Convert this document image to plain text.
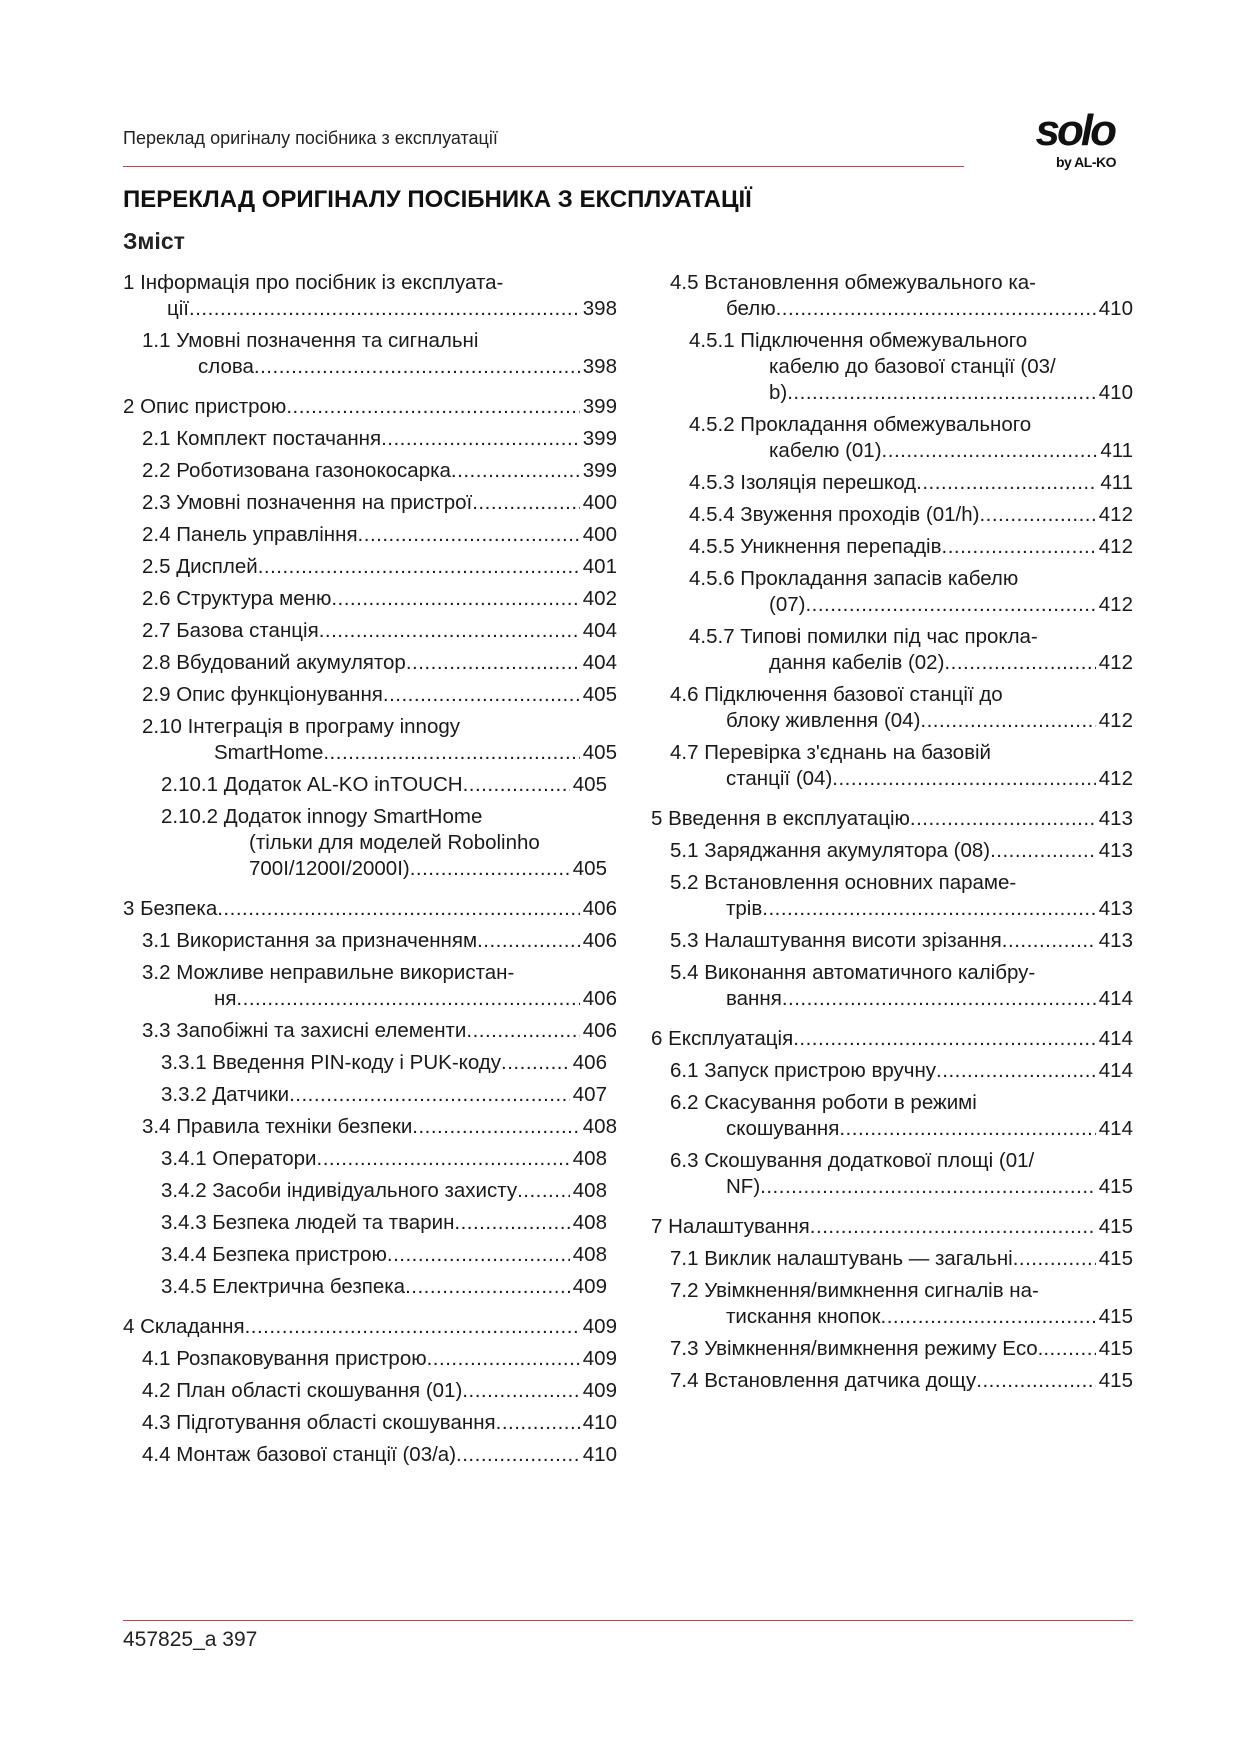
Переклад оригіналу посібника з експлуатації	solo
by AL-KO
ПЕРЕКЛАД ОРИГІНАЛУ ПОСІБНИКА З ЕКСПЛУАТАЦІЇ
Зміст
1 Інформація про посібник із експлуата-
ції .....	398
1.1 Умовні позначення та сигнальні
слова .....	398
2 Опис пристрою .....	399
2.1 Комплект постачання .....	399
2.2 Роботизована газонокосарка .....	399
2.3 Умовні позначення на пристрої .....	400
2.4 Панель управління .....	400
2.5 Дисплей .....	401
2.6 Структура меню .....	402
2.7 Базова станція .....	404
2.8 Вбудований акумулятор .....	404
2.9 Опис функціонування .....	405
2.10 Інтеграція в програму innogy
SmartHome .....	405
2.10.1 Додаток AL-KO inTOUCH .....	405
2.10.2 Додаток innogy SmartHome
(тільки для моделей Robolinho
700I/1200I/2000I) .....	405
3 Безпека .....	406
3.1 Використання за призначенням .....	406
3.2 Можливе неправильне використан-
ня .....	406
3.3 Запобіжні та захисні елементи .....	406
3.3.1 Введення PIN-коду і PUK-коду .....	406
3.3.2 Датчики .....	407
3.4 Правила техніки безпеки .....	408
3.4.1 Оператори .....	408
3.4.2 Засоби індивідуального захисту .....	408
3.4.3 Безпека людей та тварин .....	408
3.4.4 Безпека пристрою .....	408
3.4.5 Електрична безпека .....	409
4 Складання .....	409
4.1 Розпаковування пристрою .....	409
4.2 План області скошування (01) .....	409
4.3 Підготування області скошування .....	410
4.4 Монтаж базової станції (03/a) .....	410
4.5 Встановлення обмежувального ка-
белю .....	410
4.5.1 Підключення обмежувального
кабелю до базової станції (03/
b) .....	410
4.5.2 Прокладання обмежувального
кабелю (01) .....	411
4.5.3 Ізоляція перешкод .....	411
4.5.4 Звуження проходів (01/h) .....	412
4.5.5 Уникнення перепадів .....	412
4.5.6 Прокладання запасів кабелю
(07) .....	412
4.5.7 Типові помилки під час прокла-
дання кабелів (02) .....	412
4.6 Підключення базової станції до
блоку живлення (04) .....	412
4.7 Перевірка з'єднань на базовій
станції (04) .....	412
5 Введення в експлуатацію .....	413
5.1 Заряджання акумулятора (08) .....	413
5.2 Встановлення основних параме-
трів .....	413
5.3 Налаштування висоти зрізання .....	413
5.4 Виконання автоматичного калібру-
вання .....	414
6 Експлуатація .....	414
6.1 Запуск пристрою вручну .....	414
6.2 Скасування роботи в режимі
скошування .....	414
6.3 Скошування додаткової площі (01/
NF) .....	415
7 Налаштування .....	415
7.1 Виклик налаштувань — загальні .....	415
7.2 Увімкнення/вимкнення сигналів на-
тискання кнопок .....	415
7.3 Увімкнення/вимкнення режиму Eco. .....	415
7.4 Встановлення датчика дощу .....	415
457825_a 397
